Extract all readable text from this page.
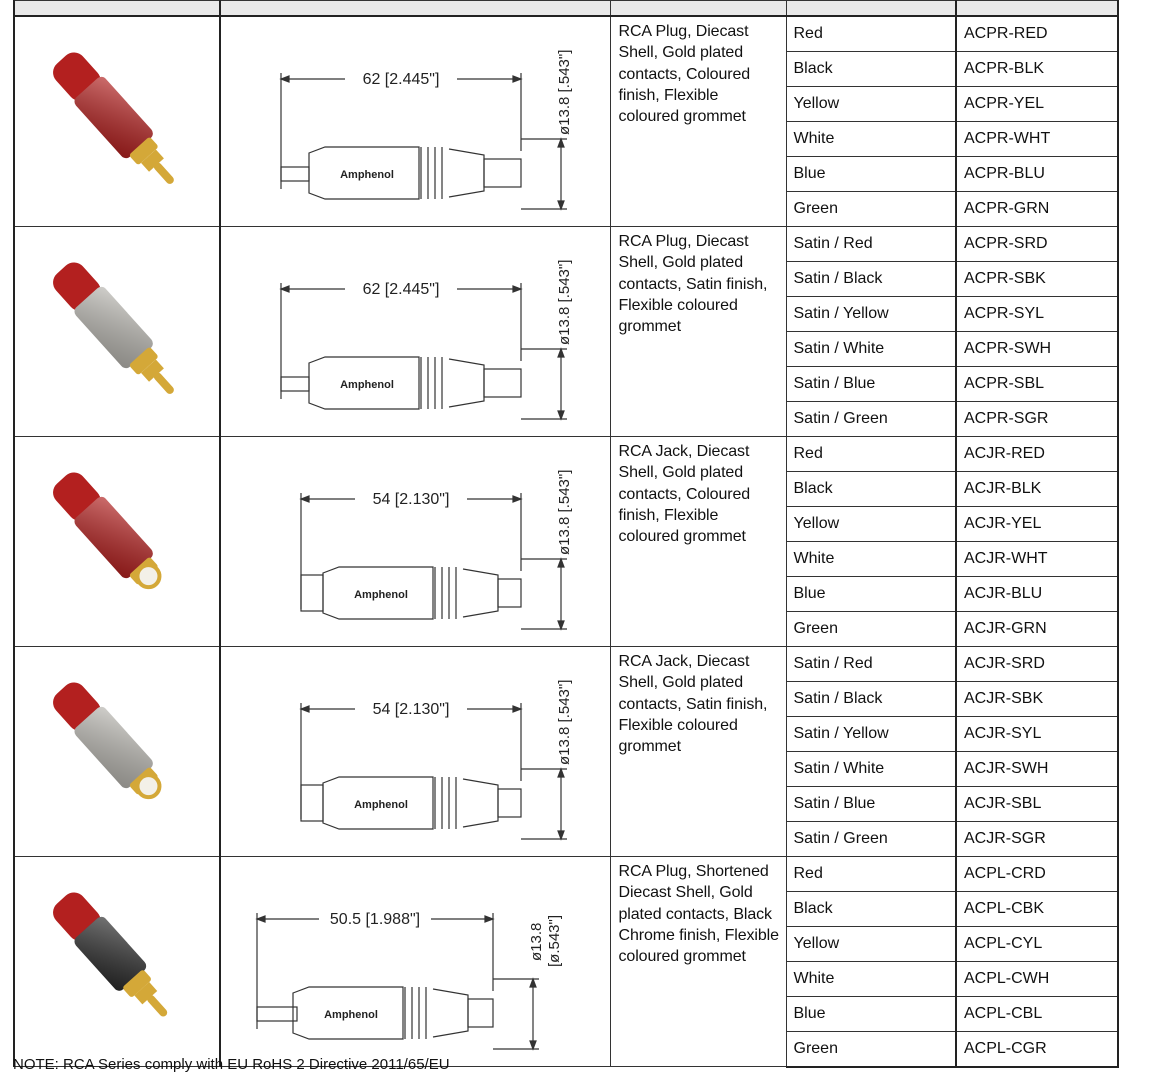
62 [2.445"]
Amphenol
ø13.8 [.543"]	RCA Plug, Diecast Shell, Gold plated contacts, Coloured finish, Flexible coloured grommet	Red	ACPR-RED
			Black	ACPR-BLK
			Yellow	ACPR-YEL
			White	ACPR-WHT
			Blue	ACPR-BLU
			Green	ACPR-GRN

62 [2.445"]
Amphenol
ø13.8 [.543"]	RCA Plug, Diecast Shell, Gold plated contacts, Satin finish, Flexible coloured grommet	Satin / Red	ACPR-SRD
			Satin / Black	ACPR-SBK
			Satin / Yellow	ACPR-SYL
			Satin / White	ACPR-SWH
			Satin / Blue	ACPR-SBL
			Satin / Green	ACPR-SGR

54 [2.130"]
Amphenol
ø13.8 [.543"]	RCA Jack, Diecast Shell, Gold plated contacts, Coloured finish, Flexible coloured grommet	Red	ACJR-RED
			Black	ACJR-BLK
			Yellow	ACJR-YEL
			White	ACJR-WHT
			Blue	ACJR-BLU
			Green	ACJR-GRN

54 [2.130"]
Amphenol
ø13.8 [.543"]	RCA Jack, Diecast Shell, Gold plated contacts, Satin finish, Flexible coloured grommet	Satin / Red	ACJR-SRD
			Satin / Black	ACJR-SBK
			Satin / Yellow	ACJR-SYL
			Satin / White	ACJR-SWH
			Satin / Blue	ACJR-SBL
			Satin / Green	ACJR-SGR

50.5 [1.988"]
Amphenol
ø13.8 [ø.543"]	RCA Plug, Shortened Diecast Shell, Gold plated contacts, Black Chrome finish, Flexible coloured grommet	Red	ACPL-CRD
			Black	ACPL-CBK
			Yellow	ACPL-CYL
			White	ACPL-CWH
			Blue	ACPL-CBL
			Green	ACPL-CGR
NOTE: RCA Series comply with EU RoHS 2 Directive 2011/65/EU
